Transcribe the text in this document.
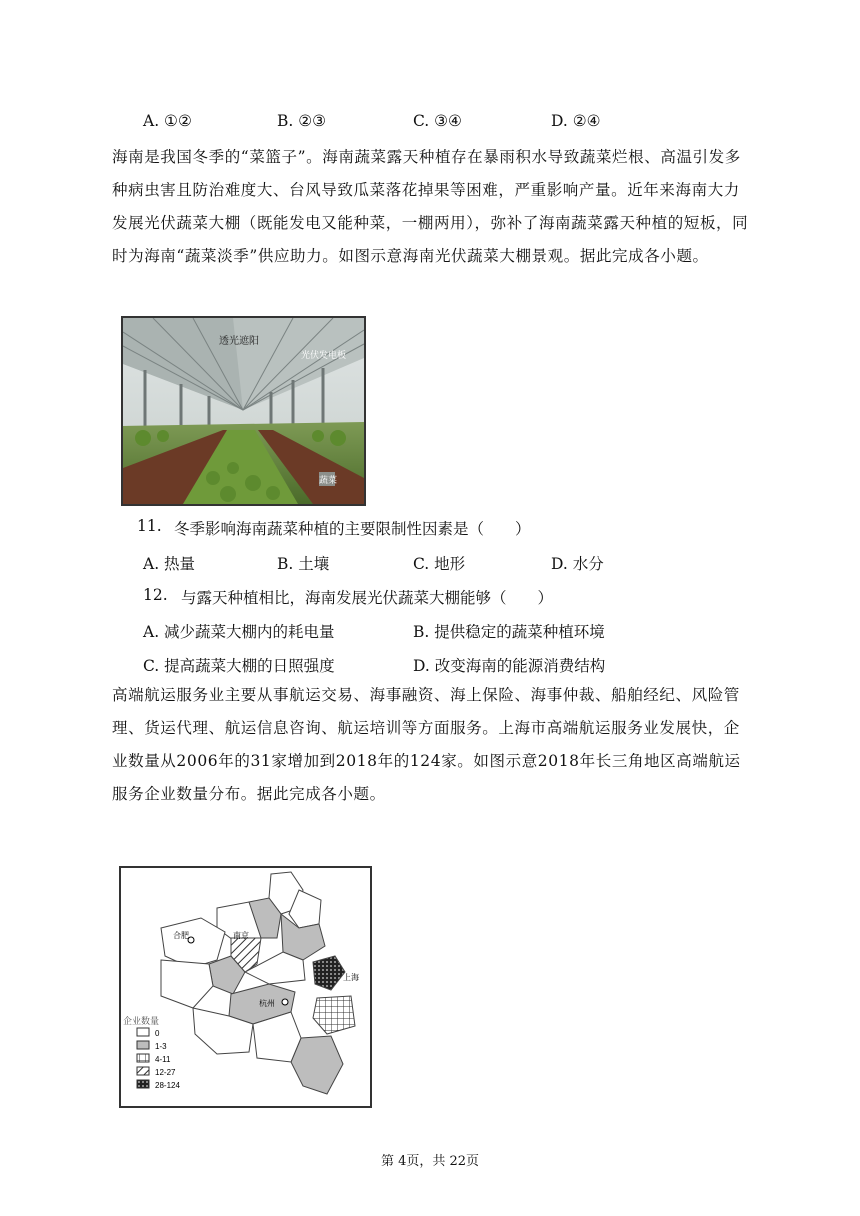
A. ①②	B. ②③	C. ③④	D. ②④

海南是我国冬季的“菜篮子”。海南蔬菜露天种植存在暴雨积水导致蔬菜烂根、高温引发多种病虫害且防治难度大、台风导致瓜菜落花掉果等困难，严重影响产量。近年来海南大力发展光伏蔬菜大棚（既能发电又能种菜，一棚两用），弥补了海南蔬菜露天种植的短板，同时为海南“蔬菜淡季”供应助力。如图示意海南光伏蔬菜大棚景观。据此完成各小题。

透光遮阳
光伏发电板
蔬菜
11. 冬季影响海南蔬菜种植的主要限制性因素是（　　）
A. 热量	B. 土壤	C. 地形	D. 水分
12. 与露天种植相比，海南发展光伏蔬菜大棚能够（　　）
A. 减少蔬菜大棚内的耗电量	B. 提供稳定的蔬菜种植环境
C. 提高蔬菜大棚的日照强度	D. 改变海南的能源消费结构

高端航运服务业主要从事航运交易、海事融资、海上保险、海事仲裁、船舶经纪、风险管理、货运代理、航运信息咨询、航运培训等方面服务。上海市高端航运服务业发展快，企业数量从2006年的31家增加到2018年的124家。如图示意2018年长三角地区高端航运服务企业数量分布。据此完成各小题。

合肥	南京
上海
杭州
企业数量
0
1-3
4-11
12-27
28-124
第 4页，共 22页
